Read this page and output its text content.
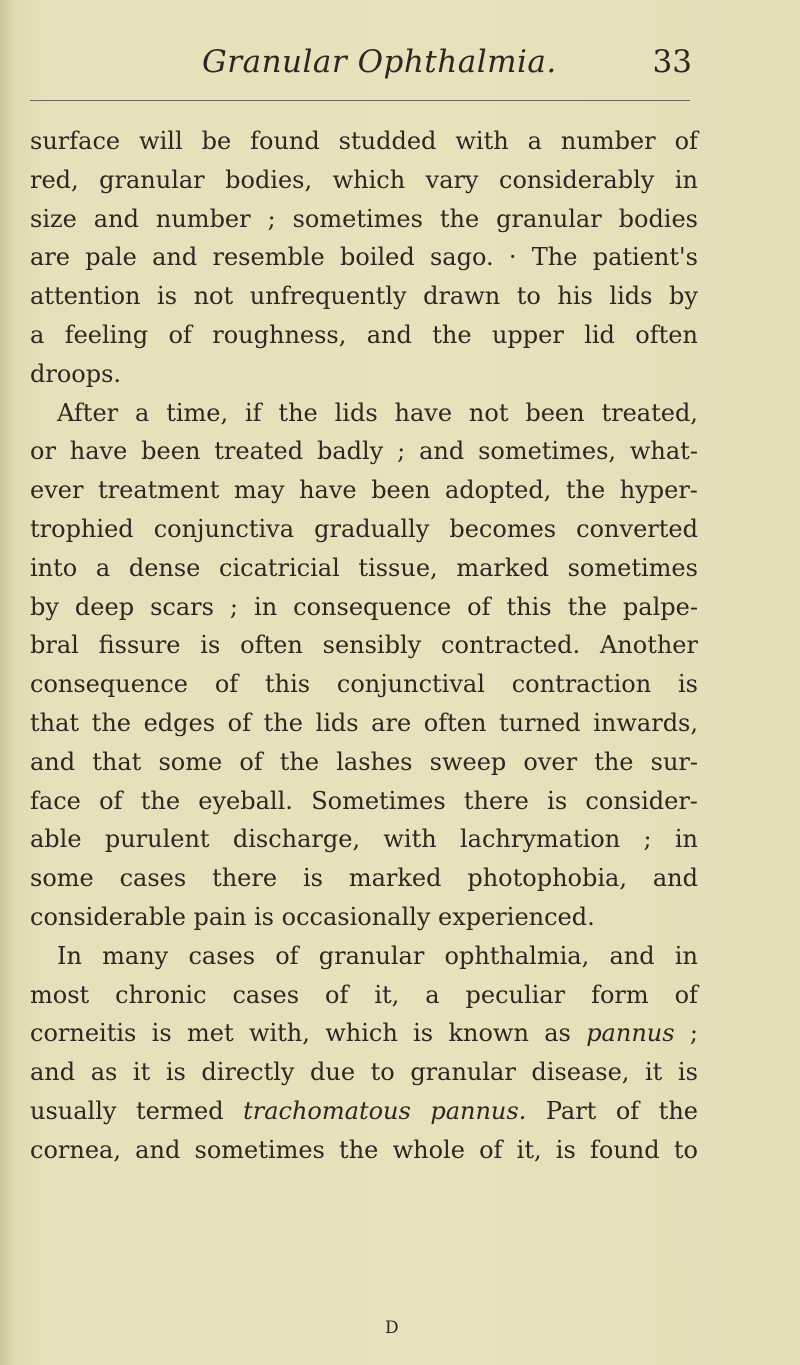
Granular Ophthalmia.	33
surface will be found studded with a number of
red, granular bodies, which vary considerably in
size and number ; sometimes the granular bodies
are pale and resemble boiled sago. · The patient's
attention is not unfrequently drawn to his lids by
a feeling of roughness, and the upper lid often
droops.
After a time, if the lids have not been treated,
or have been treated badly ; and sometimes, what-
ever treatment may have been adopted, the hyper-
trophied conjunctiva gradually becomes converted
into a dense cicatricial tissue, marked sometimes
by deep scars ; in consequence of this the palpe-
bral fissure is often sensibly contracted. Another
consequence of this conjunctival contraction is
that the edges of the lids are often turned inwards,
and that some of the lashes sweep over the sur-
face of the eyeball. Sometimes there is consider-
able purulent discharge, with lachrymation ; in
some cases there is marked photophobia, and
considerable pain is occasionally experienced.
In many cases of granular ophthalmia, and in
most chronic cases of it, a peculiar form of
corneitis is met with, which is known as pannus ;
and as it is directly due to granular disease, it is
usually termed trachomatous pannus. Part of the
cornea, and sometimes the whole of it, is found to
D
